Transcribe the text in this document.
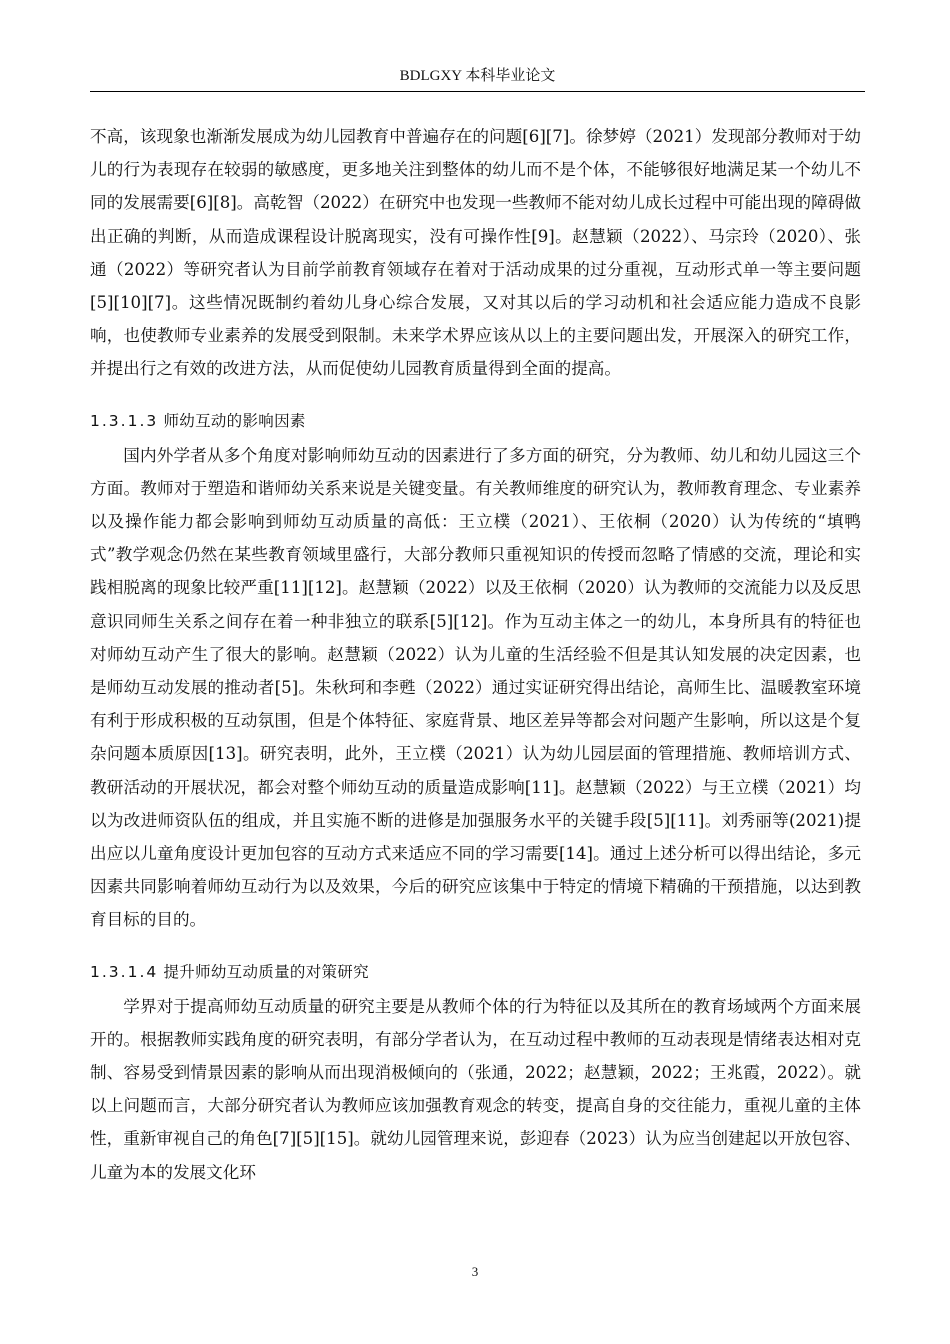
BDLGXY 本科毕业论文

不高，该现象也渐渐发展成为幼儿园教育中普遍存在的问题[6][7]。徐梦婷（2021）发现部分教师对于幼儿的行为表现存在较弱的敏感度，更多地关注到整体的幼儿而不是个体，不能够很好地满足某一个幼儿不同的发展需要[6][8]。高乾智（2022）在研究中也发现一些教师不能对幼儿成长过程中可能出现的障碍做出正确的判断，从而造成课程设计脱离现实，没有可操作性[9]。赵慧颖（2022）、马宗玲（2020）、张通（2022）等研究者认为目前学前教育领域存在着对于活动成果的过分重视，互动形式单一等主要问题[5][10][7]。这些情况既制约着幼儿身心综合发展，又对其以后的学习动机和社会适应能力造成不良影响，也使教师专业素养的发展受到限制。未来学术界应该从以上的主要问题出发，开展深入的研究工作，并提出行之有效的改进方法，从而促使幼儿园教育质量得到全面的提高。

1.3.1.3 师幼互动的影响因素

国内外学者从多个角度对影响师幼互动的因素进行了多方面的研究，分为教师、幼儿和幼儿园这三个方面。教师对于塑造和谐师幼关系来说是关键变量。有关教师维度的研究认为，教师教育理念、专业素养以及操作能力都会影响到师幼互动质量的高低：王立樸（2021）、王依桐（2020）认为传统的“填鸭式”教学观念仍然在某些教育领域里盛行，大部分教师只重视知识的传授而忽略了情感的交流，理论和实践相脱离的现象比较严重[11][12]。赵慧颖（2022）以及王依桐（2020）认为教师的交流能力以及反思意识同师生关系之间存在着一种非独立的联系[5][12]。作为互动主体之一的幼儿，本身所具有的特征也对师幼互动产生了很大的影响。赵慧颖（2022）认为儿童的生活经验不但是其认知发展的决定因素，也是师幼互动发展的推动者[5]。朱秋珂和李甦（2022）通过实证研究得出结论，高师生比、温暖教室环境有利于形成积极的互动氛围，但是个体特征、家庭背景、地区差异等都会对问题产生影响，所以这是个复杂问题本质原因[13]。研究表明，此外，王立樸（2021）认为幼儿园层面的管理措施、教师培训方式、教研活动的开展状况，都会对整个师幼互动的质量造成影响[11]。赵慧颖（2022）与王立樸（2021）均以为改进师资队伍的组成，并且实施不断的进修是加强服务水平的关键手段[5][11]。刘秀丽等(2021)提出应以儿童角度设计更加包容的互动方式来适应不同的学习需要[14]。通过上述分析可以得出结论，多元因素共同影响着师幼互动行为以及效果，今后的研究应该集中于特定的情境下精确的干预措施，以达到教育目标的目的。

1.3.1.4 提升师幼互动质量的对策研究

学界对于提高师幼互动质量的研究主要是从教师个体的行为特征以及其所在的教育场域两个方面来展开的。根据教师实践角度的研究表明，有部分学者认为，在互动过程中教师的互动表现是情绪表达相对克制、容易受到情景因素的影响从而出现消极倾向的（张通，2022；赵慧颖，2022；王兆霞，2022）。就以上问题而言，大部分研究者认为教师应该加强教育观念的转变，提高自身的交往能力，重视儿童的主体性，重新审视自己的角色[7][5][15]。就幼儿园管理来说，彭迎春（2023）认为应当创建起以开放包容、儿童为本的发展文化环

3
